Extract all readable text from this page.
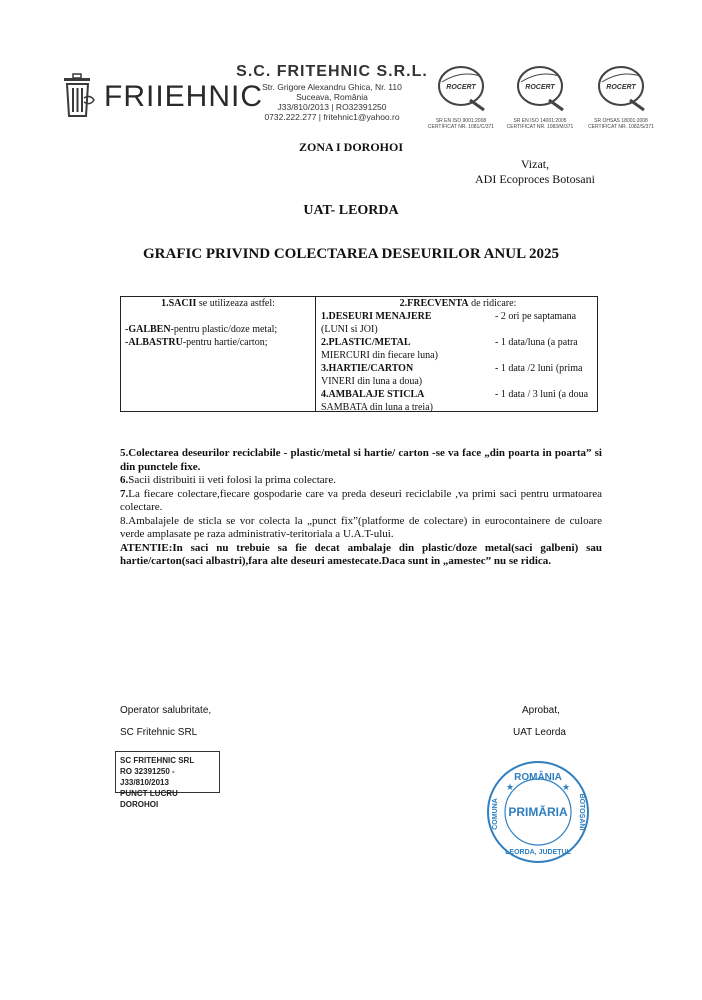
FRIIEHNIC
S.C. FRITEHNIC S.R.L.
Str. Grigore Alexandru Ghica, Nr. 110
Suceava, România
J33/810/2013 | RO32391250
0732.222.277 | fritehnic1@yahoo.ro
ROCERT
SR EN ISO 9001:2008
CERTIFICAT NR. 1081/C/371
ROCERT
SR EN ISO 14001:2005
CERTIFICAT NR. 1083/M/371
ROCERT
SR OHSAS 18001:2008
CERTIFICAT NR. 1082/S/371
ZONA I DOROHOI
Vizat,
ADI Ecoproces Botosani
UAT- LEORDA
GRAFIC PRIVIND COLECTAREA DESEURILOR ANUL 2025
1.SACII se utilizeaza astfel:
-GALBEN-pentru plastic/doze metal;
-ALBASTRU-pentru hartie/carton;
2.FRECVENTA de ridicare:
1.DESEURI MENAJERE	- 2 ori pe saptamana
(LUNI si JOI)
2.PLASTIC/METAL	- 1 data/luna (a patra
MIERCURI din fiecare luna)
3.HARTIE/CARTON	- 1 data /2 luni (prima
VINERI din luna a doua)
4.AMBALAJE STICLA	- 1 data / 3 luni (a doua
SAMBATA din luna a treia)

5.Colectarea deseurilor reciclabile - plastic/metal si hartie/ carton -se va face „din poarta in poarta” si din punctele fixe.

6.Sacii distribuiti ii veti folosi la prima colectare.

7.La fiecare colectare,fiecare gospodarie care va preda deseuri reciclabile ,va primi saci pentru urmatoarea colectare.

8.Ambalajele de sticla se vor colecta la „punct fix”(platforme de colectare) in eurocontainere de culoare verde amplasate pe raza administrativ-teritoriala a U.A.T-ului.

ATENTIE:In saci nu trebuie sa fie decat ambalaje din plastic/doze metal(saci galbeni) sau hartie/carton(saci albastri),fara alte deseuri amestecate.Daca sunt in „amestec” nu se ridica.

Operator salubritate,
SC Fritehnic SRL
SC FRITEHNIC SRL
RO 32391250 - J33/810/2013
PUNCT LUCRU DOROHOI
Aprobat,
UAT Leorda
ROMÂNIA
PRIMĂRIA
COMUNA
LEORDA, JUDEȚUL
BOTOȘANI
★	★
